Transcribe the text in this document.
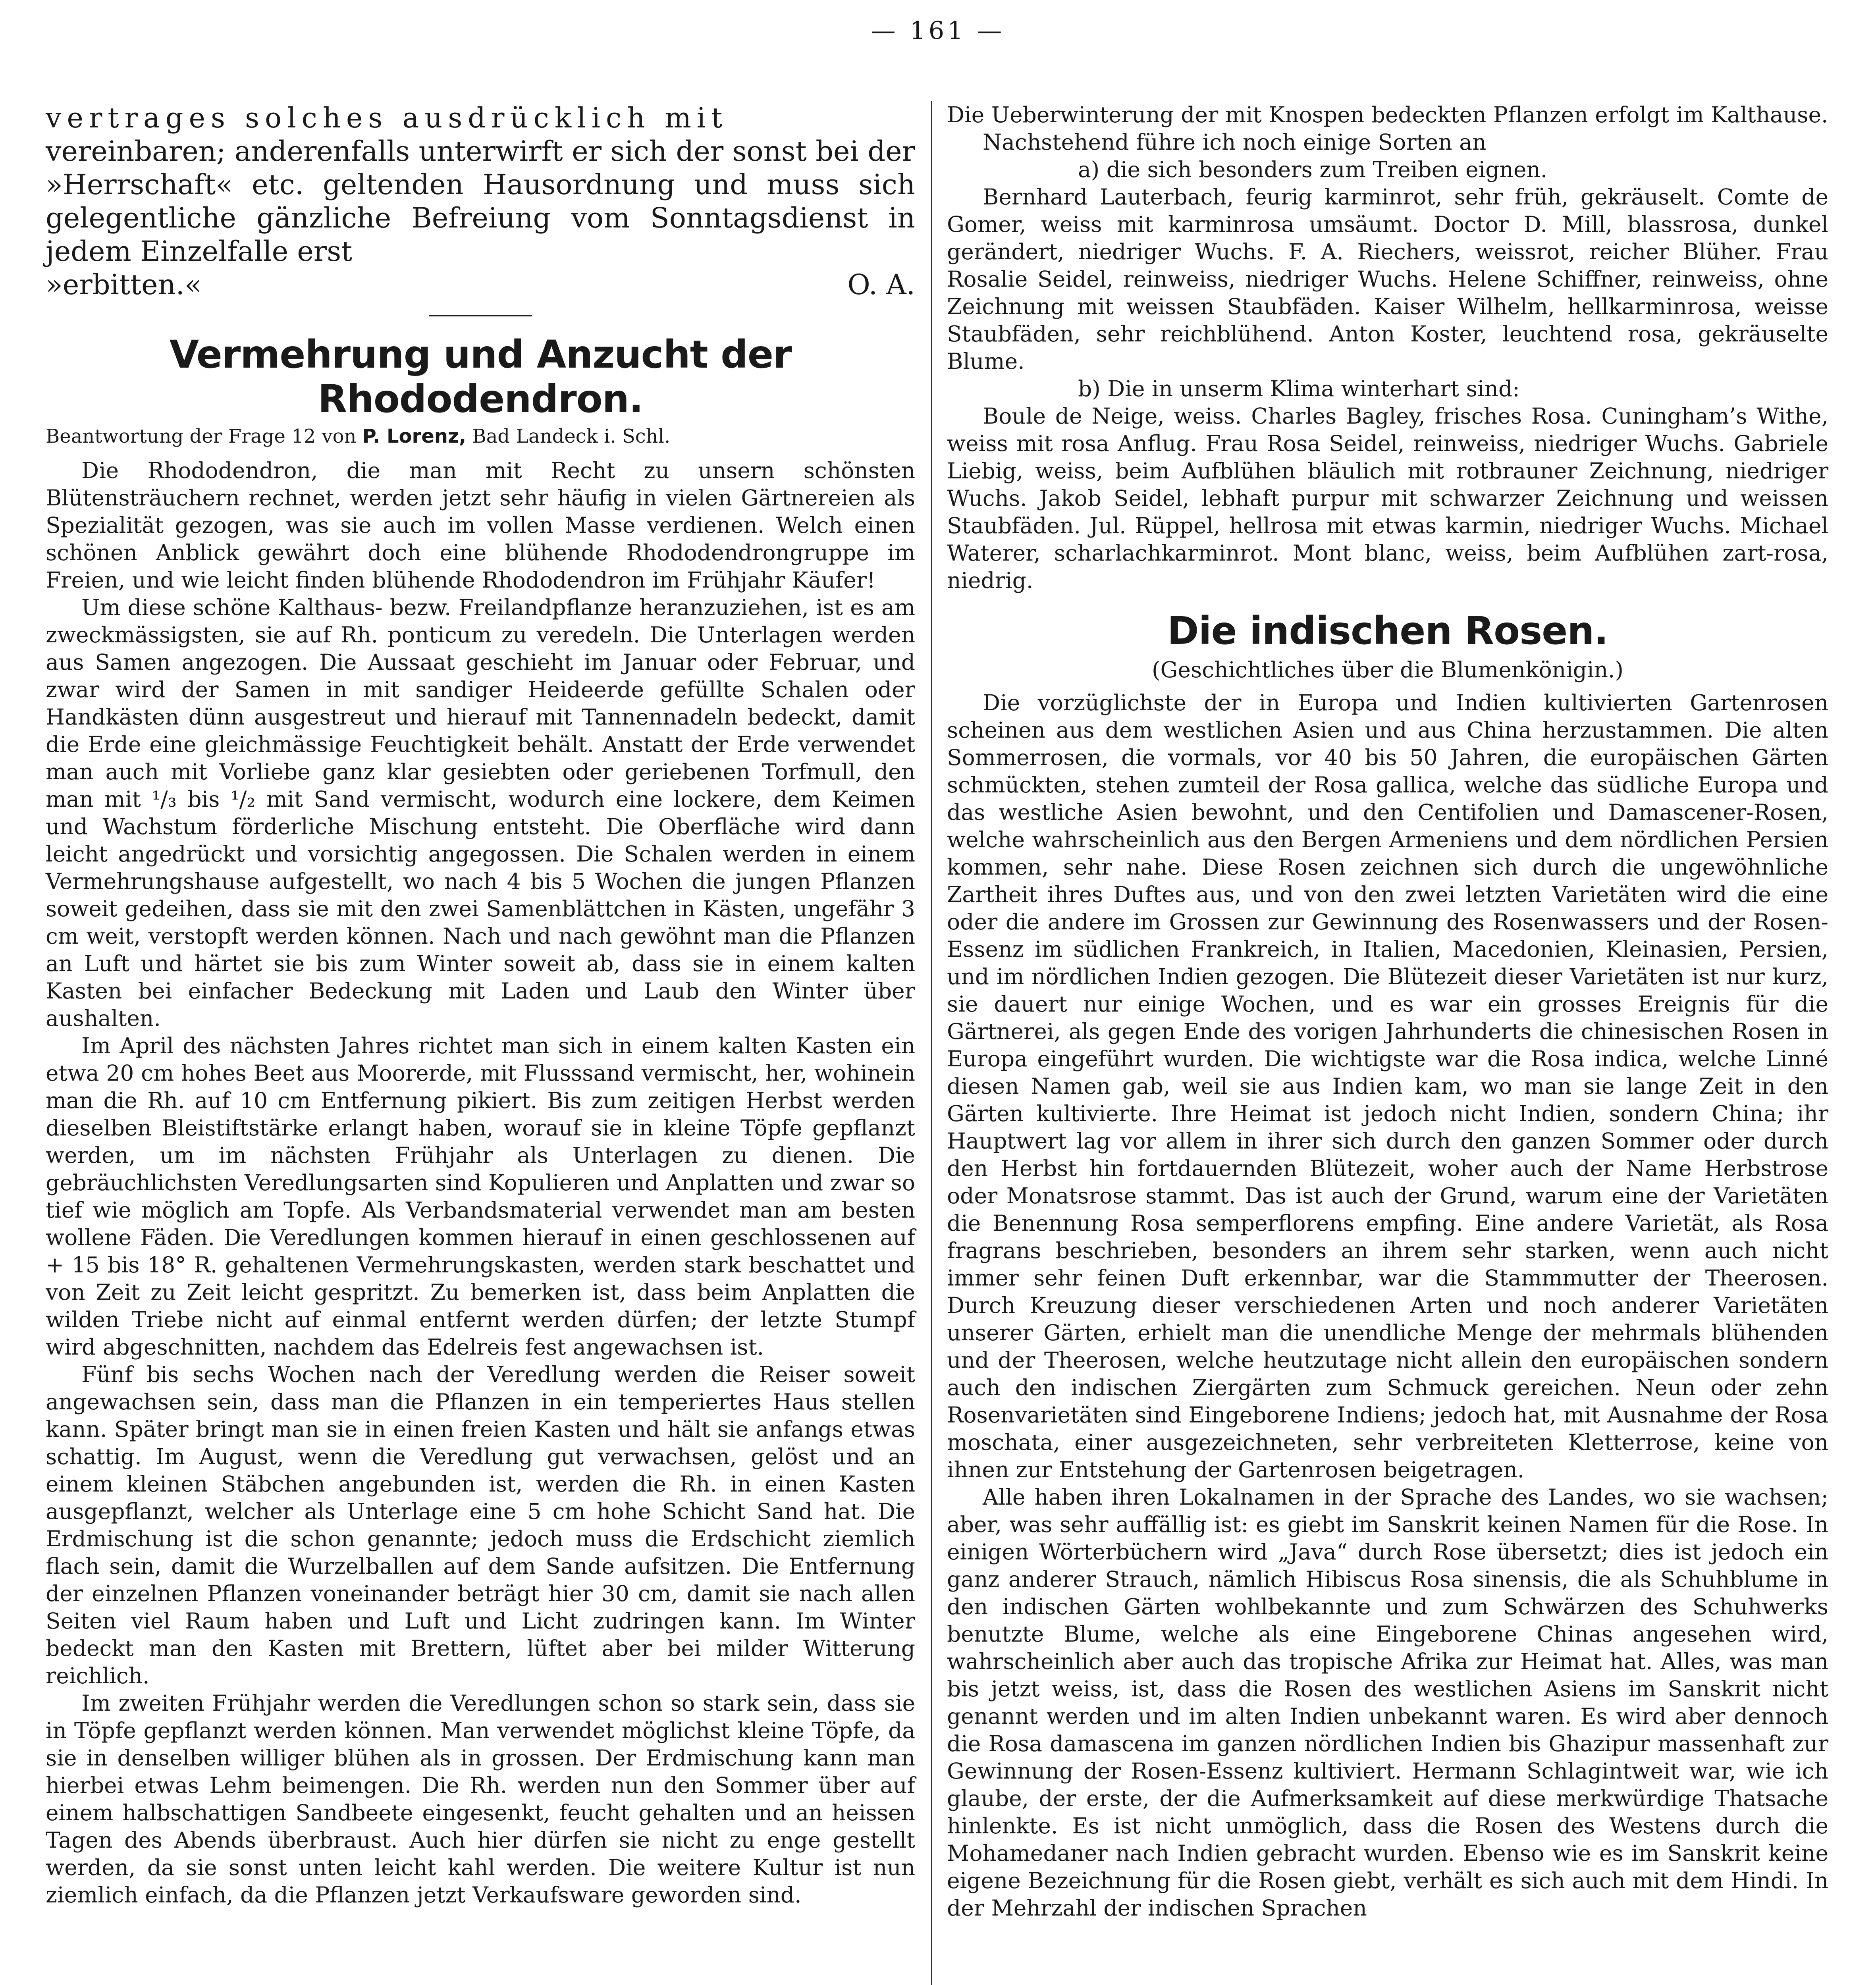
— 161 —

vertrages solches ausdrücklich mit

vereinbaren; anderenfalls unterwirft er sich der sonst bei der »Herrschaft« etc. geltenden Hausordnung und muss sich gelegentliche gänzliche Befreiung vom Sonntagsdienst in jedem Einzelfalle erst

»erbitten.«	O. A.
Vermehrung und Anzucht der Rhododendron.

Beantwortung der Frage 12 von P. Lorenz, Bad Landeck i. Schl.

Die Rhododendron, die man mit Recht zu unsern schönsten Blütensträuchern rechnet, werden jetzt sehr häufig in vielen Gärtnereien als Spezialität gezogen, was sie auch im vollen Masse verdienen. Welch einen schönen Anblick gewährt doch eine blühende Rhododendrongruppe im Freien, und wie leicht finden blühende Rhododendron im Frühjahr Käufer!

Um diese schöne Kalthaus- bezw. Freilandpflanze heranzuziehen, ist es am zweckmässigsten, sie auf Rh. ponticum zu veredeln. Die Unterlagen werden aus Samen angezogen. Die Aussaat geschieht im Januar oder Februar, und zwar wird der Samen in mit sandiger Heideerde gefüllte Schalen oder Handkästen dünn ausgestreut und hierauf mit Tannennadeln bedeckt, damit die Erde eine gleichmässige Feuchtigkeit behält. Anstatt der Erde verwendet man auch mit Vorliebe ganz klar gesiebten oder geriebenen Torfmull, den man mit ¹/₃ bis ¹/₂ mit Sand vermischt, wodurch eine lockere, dem Keimen und Wachstum förderliche Mischung entsteht. Die Oberfläche wird dann leicht angedrückt und vorsichtig angegossen. Die Schalen werden in einem Vermehrungshause aufgestellt, wo nach 4 bis 5 Wochen die jungen Pflanzen soweit gedeihen, dass sie mit den zwei Samenblättchen in Kästen, ungefähr 3 cm weit, verstopft werden können. Nach und nach gewöhnt man die Pflanzen an Luft und härtet sie bis zum Winter soweit ab, dass sie in einem kalten Kasten bei einfacher Bedeckung mit Laden und Laub den Winter über aushalten.

Im April des nächsten Jahres richtet man sich in einem kalten Kasten ein etwa 20 cm hohes Beet aus Moorerde, mit Flusssand vermischt, her, wohinein man die Rh. auf 10 cm Entfernung pikiert. Bis zum zeitigen Herbst werden dieselben Bleistiftstärke erlangt haben, worauf sie in kleine Töpfe gepflanzt werden, um im nächsten Frühjahr als Unterlagen zu dienen. Die gebräuchlichsten Veredlungsarten sind Kopulieren und Anplatten und zwar so tief wie möglich am Topfe. Als Verbandsmaterial verwendet man am besten wollene Fäden. Die Veredlungen kommen hierauf in einen geschlossenen auf + 15 bis 18° R. gehaltenen Vermehrungskasten, werden stark beschattet und von Zeit zu Zeit leicht gespritzt. Zu bemerken ist, dass beim Anplatten die wilden Triebe nicht auf einmal entfernt werden dürfen; der letzte Stumpf wird abgeschnitten, nachdem das Edelreis fest angewachsen ist.

Fünf bis sechs Wochen nach der Veredlung werden die Reiser soweit angewachsen sein, dass man die Pflanzen in ein temperiertes Haus stellen kann. Später bringt man sie in einen freien Kasten und hält sie anfangs etwas schattig. Im August, wenn die Veredlung gut verwachsen, gelöst und an einem kleinen Stäbchen angebunden ist, werden die Rh. in einen Kasten ausgepflanzt, welcher als Unterlage eine 5 cm hohe Schicht Sand hat. Die Erdmischung ist die schon genannte; jedoch muss die Erdschicht ziemlich flach sein, damit die Wurzelballen auf dem Sande aufsitzen. Die Entfernung der einzelnen Pflanzen voneinander beträgt hier 30 cm, damit sie nach allen Seiten viel Raum haben und Luft und Licht zudringen kann. Im Winter bedeckt man den Kasten mit Brettern, lüftet aber bei milder Witterung reichlich.

Im zweiten Frühjahr werden die Veredlungen schon so stark sein, dass sie in Töpfe gepflanzt werden können. Man verwendet möglichst kleine Töpfe, da sie in denselben williger blühen als in grossen. Der Erdmischung kann man hierbei etwas Lehm beimengen. Die Rh. werden nun den Sommer über auf einem halbschattigen Sandbeete eingesenkt, feucht gehalten und an heissen Tagen des Abends überbraust. Auch hier dürfen sie nicht zu enge gestellt werden, da sie sonst unten leicht kahl werden. Die weitere Kultur ist nun ziemlich einfach, da die Pflanzen jetzt Verkaufsware geworden sind.

Die Ueberwinterung der mit Knospen bedeckten Pflanzen erfolgt im Kalthause.

Nachstehend führe ich noch einige Sorten an

a) die sich besonders zum Treiben eignen.

Bernhard Lauterbach, feurig karminrot, sehr früh, gekräuselt. Comte de Gomer, weiss mit karminrosa umsäumt. Doctor D. Mill, blassrosa, dunkel gerändert, niedriger Wuchs. F. A. Riechers, weissrot, reicher Blüher. Frau Rosalie Seidel, reinweiss, niedriger Wuchs. Helene Schiffner, reinweiss, ohne Zeichnung mit weissen Staubfäden. Kaiser Wilhelm, hellkarminrosa, weisse Staubfäden, sehr reichblühend. Anton Koster, leuchtend rosa, gekräuselte Blume.

b) Die in unserm Klima winterhart sind:

Boule de Neige, weiss. Charles Bagley, frisches Rosa. Cuningham’s Withe, weiss mit rosa Anflug. Frau Rosa Seidel, reinweiss, niedriger Wuchs. Gabriele Liebig, weiss, beim Aufblühen bläulich mit rotbrauner Zeichnung, niedriger Wuchs. Jakob Seidel, lebhaft purpur mit schwarzer Zeichnung und weissen Staubfäden. Jul. Rüppel, hellrosa mit etwas karmin, niedriger Wuchs. Michael Waterer, scharlachkarminrot. Mont blanc, weiss, beim Aufblühen zart-rosa, niedrig.

Die indischen Rosen.

(Geschichtliches über die Blumenkönigin.)

Die vorzüglichste der in Europa und Indien kultivierten Gartenrosen scheinen aus dem westlichen Asien und aus China herzustammen. Die alten Sommerrosen, die vormals, vor 40 bis 50 Jahren, die europäischen Gärten schmückten, stehen zumteil der Rosa gallica, welche das südliche Europa und das westliche Asien bewohnt, und den Centifolien und Damascener-Rosen, welche wahrscheinlich aus den Bergen Armeniens und dem nördlichen Persien kommen, sehr nahe. Diese Rosen zeichnen sich durch die ungewöhnliche Zartheit ihres Duftes aus, und von den zwei letzten Varietäten wird die eine oder die andere im Grossen zur Gewinnung des Rosenwassers und der Rosen-Essenz im südlichen Frankreich, in Italien, Macedonien, Kleinasien, Persien, und im nördlichen Indien gezogen. Die Blütezeit dieser Varietäten ist nur kurz, sie dauert nur einige Wochen, und es war ein grosses Ereignis für die Gärtnerei, als gegen Ende des vorigen Jahrhunderts die chinesischen Rosen in Europa eingeführt wurden. Die wichtigste war die Rosa indica, welche Linné diesen Namen gab, weil sie aus Indien kam, wo man sie lange Zeit in den Gärten kultivierte. Ihre Heimat ist jedoch nicht Indien, sondern China; ihr Hauptwert lag vor allem in ihrer sich durch den ganzen Sommer oder durch den Herbst hin fortdauernden Blütezeit, woher auch der Name Herbstrose oder Monatsrose stammt. Das ist auch der Grund, warum eine der Varietäten die Benennung Rosa semperflorens empfing. Eine andere Varietät, als Rosa fragrans beschrieben, besonders an ihrem sehr starken, wenn auch nicht immer sehr feinen Duft erkennbar, war die Stammmutter der Theerosen. Durch Kreuzung dieser verschiedenen Arten und noch anderer Varietäten unserer Gärten, erhielt man die unendliche Menge der mehrmals blühenden und der Theerosen, welche heutzutage nicht allein den europäischen sondern auch den indischen Ziergärten zum Schmuck gereichen. Neun oder zehn Rosenvarietäten sind Eingeborene Indiens; jedoch hat, mit Ausnahme der Rosa moschata, einer ausgezeichneten, sehr verbreiteten Kletterrose, keine von ihnen zur Entstehung der Gartenrosen beigetragen.

Alle haben ihren Lokalnamen in der Sprache des Landes, wo sie wachsen; aber, was sehr auffällig ist: es giebt im Sanskrit keinen Namen für die Rose. In einigen Wörterbüchern wird „Java“ durch Rose übersetzt; dies ist jedoch ein ganz anderer Strauch, nämlich Hibiscus Rosa sinensis, die als Schuhblume in den indischen Gärten wohlbekannte und zum Schwärzen des Schuhwerks benutzte Blume, welche als eine Eingeborene Chinas angesehen wird, wahrscheinlich aber auch das tropische Afrika zur Heimat hat. Alles, was man bis jetzt weiss, ist, dass die Rosen des westlichen Asiens im Sanskrit nicht genannt werden und im alten Indien unbekannt waren. Es wird aber dennoch die Rosa damascena im ganzen nördlichen Indien bis Ghazipur massenhaft zur Gewinnung der Rosen-Essenz kultiviert. Hermann Schlagintweit war, wie ich glaube, der erste, der die Aufmerksamkeit auf diese merkwürdige Thatsache hinlenkte. Es ist nicht unmöglich, dass die Rosen des Westens durch die Mohamedaner nach Indien gebracht wurden. Ebenso wie es im Sanskrit keine eigene Bezeichnung für die Rosen giebt, verhält es sich auch mit dem Hindi. In der Mehrzahl der indischen Sprachen
